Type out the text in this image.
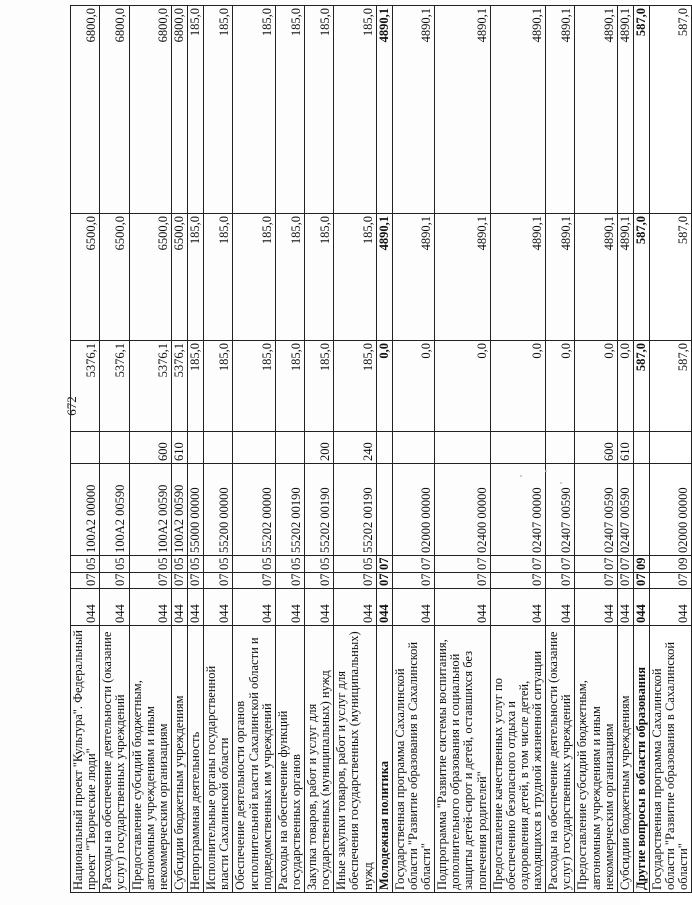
672
Национальный проект "Культура". Федеральный проект "Творческие люди"	044	07	05	100А2 00000		5376,1	6500,0	6800,0
Расходы на обеспечение деятельности (оказание услуг) государственных учреждений	044	07	05	100А2 00590		5376,1	6500,0	6800,0
Предоставление субсидий бюджетным, автономным учреждениям и иным некоммерческим организациям	044	07	05	100А2 00590	600	5376,1	6500,0	6800,0
Субсидии бюджетным учреждениям	044	07	05	100А2 00590	610	5376,1	6500,0	6800,0
Непрограммная деятельность	044	07	05	55000 00000		185,0	185,0	185,0
Исполнительные органы государственной власти Сахалинской области	044	07	05	55200 00000		185,0	185,0	185,0
Обеспечение деятельности органов исполнительной власти Сахалинской области и подведомственных им учреждений	044	07	05	55202 00000		185,0	185,0	185,0
Расходы на обеспечение функций государственных органов	044	07	05	55202 00190		185,0	185,0	185,0
Закупка товаров, работ и услуг для государственных (муниципальных) нужд	044	07	05	55202 00190	200	185,0	185,0	185,0
Иные закупки товаров, работ и услуг для обеспечения государственных (муниципальных) нужд	044	07	05	55202 00190	240	185,0	185,0	185,0
Молодежная политика	044	07	07			0,0	4890,1	4890,1
Государственная программа Сахалинской области "Развитие образования в Сахалинской области"	044	07	07	02000 00000		0,0	4890,1	4890,1
Подпрограмма "Развитие системы воспитания, дополнительного образования и социальной защиты детей-сирот и детей, оставшихся без попечения родителей"	044	07	07	02400 00000		0,0	4890,1	4890,1
Предоставление качественных услуг по обеспечению безопасного отдыха и оздоровления детей, в том числе детей, находящихся в трудной жизненной ситуации	044	07	07	02407 00000		0,0	4890,1	4890,1
Расходы на обеспечение деятельности (оказание услуг) государственных учреждений	044	07	07	02407 00590		0,0	4890,1	4890,1
Предоставление субсидий бюджетным, автономным учреждениям и иным некоммерческим организациям	044	07	07	02407 00590	600	0,0	4890,1	4890,1
Субсидии бюджетным учреждениям	044	07	07	02407 00590	610	0,0	4890,1	4890,1
Другие вопросы в области образования	044	07	09			587,0	587,0	587,0
Государственная программа Сахалинской области "Развитие образования в Сахалинской области"	044	07	09	02000 00000		587,0	587,0	587,0
